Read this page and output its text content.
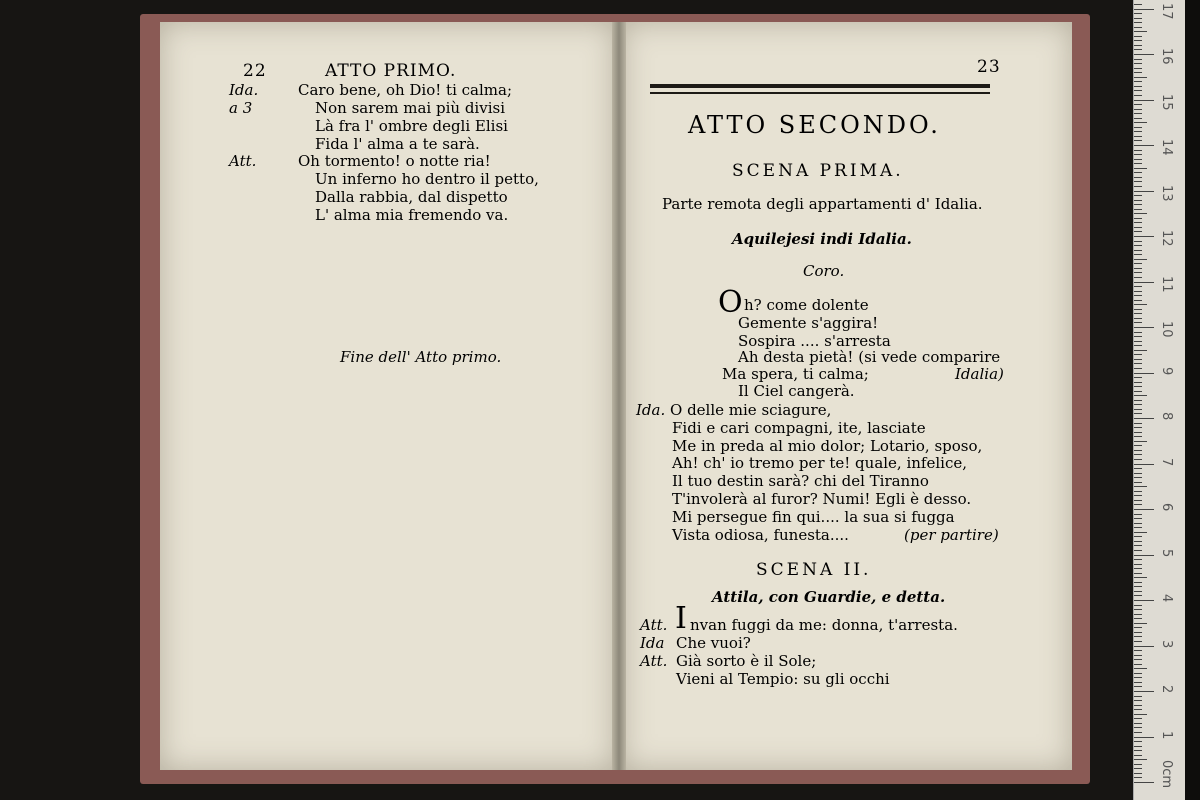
22	ATTO PRIMO.
Ida.	Caro bene, oh Dio! ti calma;
a 3	Non sarem mai più divisi
Là fra l' ombre degli Elisi
Fida l' alma a te sarà.
Att.	Oh tormento! o notte ria!
Un inferno ho dentro il petto,
Dalla rabbia, dal dispetto
L' alma mia fremendo va.
Fine dell' Atto primo.
23
ATTO SECONDO.
SCENA PRIMA.
Parte remota degli appartamenti d' Idalia.
Aquilejesi indi Idalia.
Coro.
O h? come dolente
Gemente s'aggira!
Sospira .... s'arresta
Ah desta pietà! (si vede comparire
Ma spera, ti calma;	Idalia)
Il Ciel cangerà.
Ida. O delle mie sciagure,
Fidi e cari compagni, ite, lasciate
Me in preda al mio dolor; Lotario, sposo,
Ah! ch' io tremo per te! quale, infelice,
Il tuo destin sarà? chi del Tiranno
T'involerà al furor? Numi! Egli è desso.
Mi persegue fin qui.... la sua si fugga
Vista odiosa, funesta....	(per partire)
SCENA II.
Attila, con Guardie, e detta.
Att. I nvan fuggi da me: donna, t'arresta.
Ida Che vuoi?
Att. Già sorto è il Sole;
Vieni al Tempio: su gli occhi
0cm
1
2
3
4
5
6
7
8
9
10
11
12
13
14
15
16
17
